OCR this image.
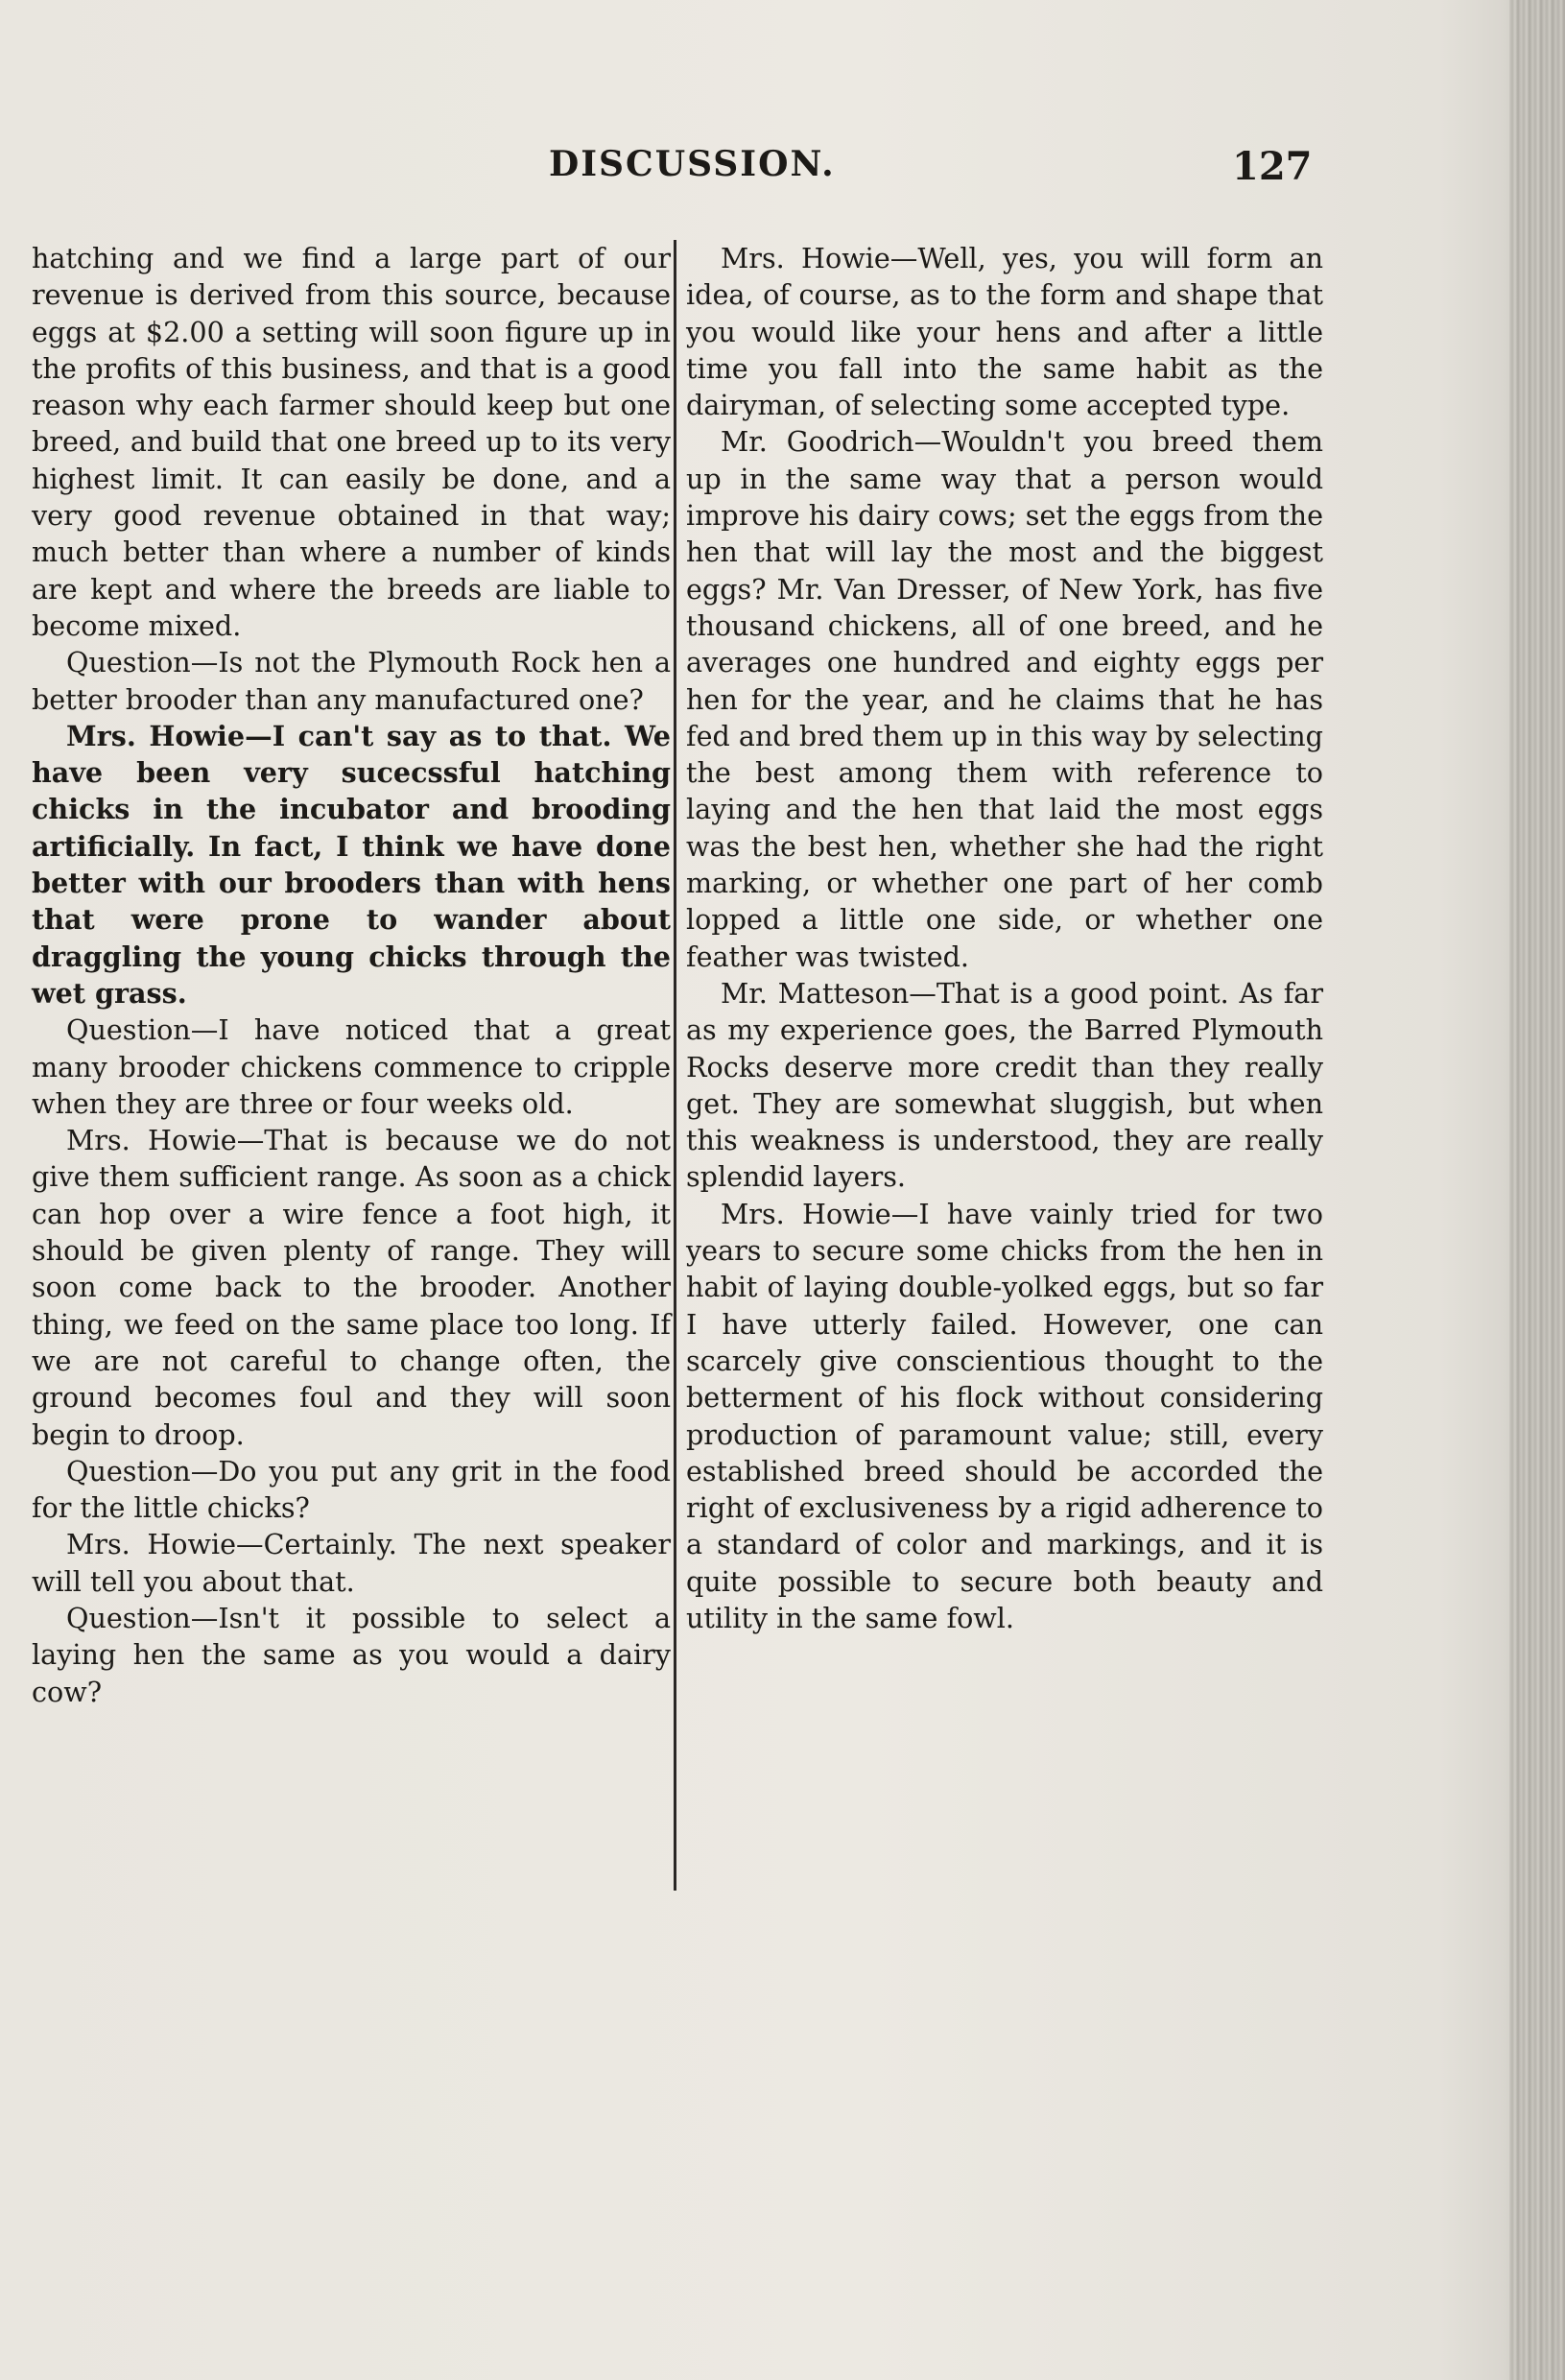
DISCUSSION.	127

hatching and we find a large part of our revenue is derived from this source, because eggs at $2.00 a setting will soon figure up in the profits of this business, and that is a good reason why each farmer should keep but one breed, and build that one breed up to its very highest limit. It can easily be done, and a very good revenue obtained in that way; much better than where a number of kinds are kept and where the breeds are liable to become mixed.

Question—Is not the Plymouth Rock hen a better brooder than any manufactured one?

Mrs. Howie—I can't say as to that. We have been very sucecssful hatching chicks in the incubator and brooding artificially. In fact, I think we have done better with our brooders than with hens that were prone to wander about draggling the young chicks through the wet grass.

Question—I have noticed that a great many brooder chickens commence to cripple when they are three or four weeks old.

Mrs. Howie—That is because we do not give them sufficient range. As soon as a chick can hop over a wire fence a foot high, it should be given plenty of range. They will soon come back to the brooder. Another thing, we feed on the same place too long. If we are not careful to change often, the ground becomes foul and they will soon begin to droop.

Question—Do you put any grit in the food for the little chicks?

Mrs. Howie—Certainly. The next speaker will tell you about that.

Question—Isn't it possible to select a laying hen the same as you would a dairy cow?

Mrs. Howie—Well, yes, you will form an idea, of course, as to the form and shape that you would like your hens and after a little time you fall into the same habit as the dairyman, of selecting some accepted type.

Mr. Goodrich—Wouldn't you breed them up in the same way that a person would improve his dairy cows; set the eggs from the hen that will lay the most and the biggest eggs? Mr. Van Dresser, of New York, has five thousand chickens, all of one breed, and he averages one hundred and eighty eggs per hen for the year, and he claims that he has fed and bred them up in this way by selecting the best among them with reference to laying and the hen that laid the most eggs was the best hen, whether she had the right marking, or whether one part of her comb lopped a little one side, or whether one feather was twisted.

Mr. Matteson—That is a good point. As far as my experience goes, the Barred Plymouth Rocks deserve more credit than they really get. They are somewhat sluggish, but when this weakness is understood, they are really splendid layers.

Mrs. Howie—I have vainly tried for two years to secure some chicks from the hen in habit of laying double-yolked eggs, but so far I have utterly failed. However, one can scarcely give conscientious thought to the betterment of his flock without considering production of paramount value; still, every established breed should be accorded the right of exclusiveness by a rigid adherence to a standard of color and markings, and it is quite possible to secure both beauty and utility in the same fowl.
